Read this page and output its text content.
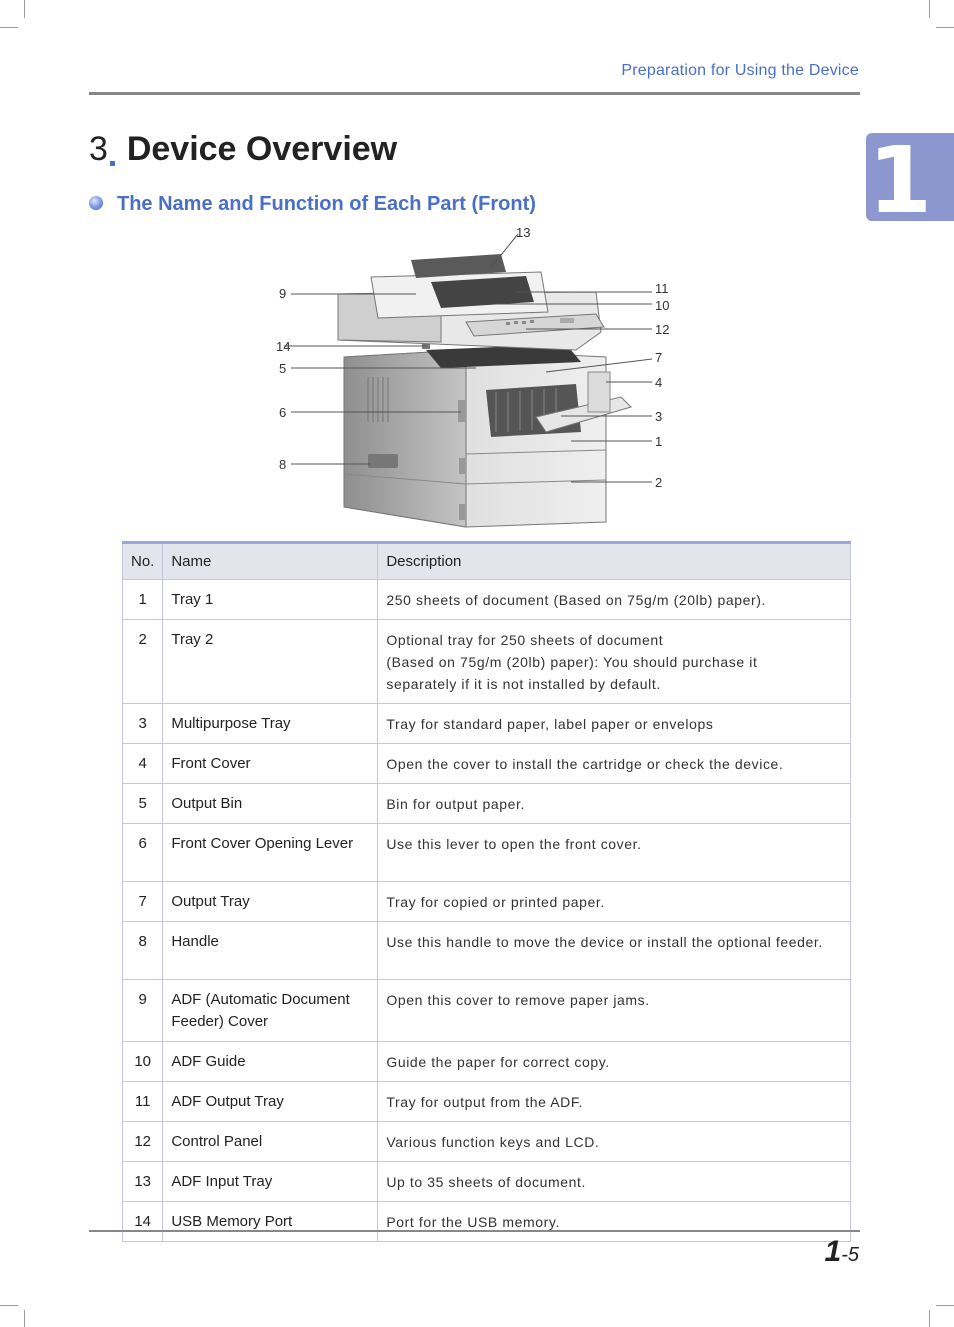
Preparation for Using the Device
1
3 Device Overview
The Name and Function of Each Part (Front)
13
9	11
10
12
14
5
7
4
6	3
1
8
2
No.	Name	Description
1	Tray 1	250 sheets of document (Based on 75g/m (20lb) paper).

2	Tray 2	Optional tray for 250 sheets of document
(Based on 75g/m (20lb) paper): You should purchase it
separately if it is not installed by default.

3	Multipurpose Tray	Tray for standard paper, label paper or envelops

4	Front Cover	Open the cover to install the cartridge or check the device.

5	Output Bin	Bin for output paper.

6	Front Cover Opening Lever	Use this lever to open the front cover.

7	Output Tray	Tray for copied or printed paper.

8	Handle	Use this handle to move the device or install the optional feeder.

9	ADF (Automatic Document Feeder) Cover	Open this cover to remove paper jams.

10	ADF Guide	Guide the paper for correct copy.

11	ADF Output Tray	Tray for output from the ADF.

12	Control Panel	Various function keys and LCD.

13	ADF Input Tray	Up to 35 sheets of document.

14	USB Memory Port	Port for the USB memory.
1-5
